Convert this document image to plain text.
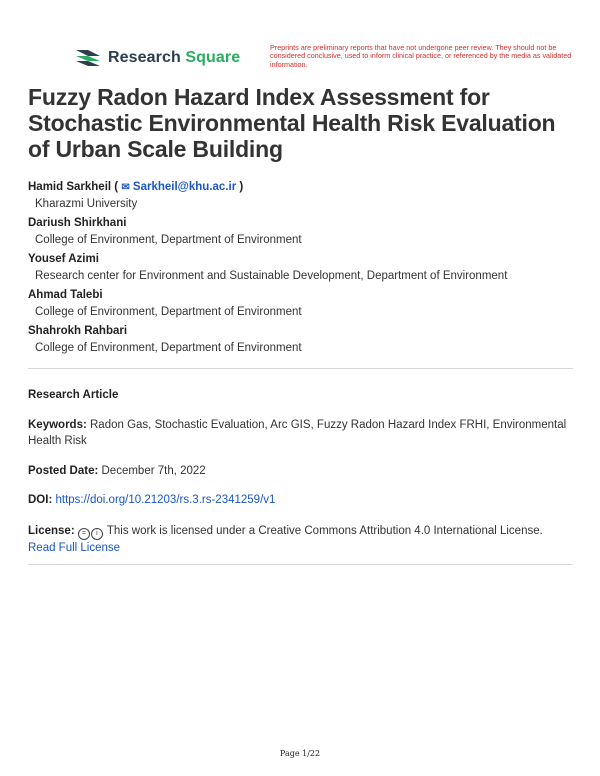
Research Square
Preprints are preliminary reports that have not undergone peer review. They should not be considered conclusive, used to inform clinical practice, or referenced by the media as validated information.
Fuzzy Radon Hazard Index Assessment for Stochastic Environmental Health Risk Evaluation of Urban Scale Building
Hamid Sarkheil ( ✉ Sarkheil@khu.ac.ir )
Kharazmi University
Dariush Shirkhani
College of Environment, Department of Environment
Yousef Azimi
Research center for Environment and Sustainable Development, Department of Environment
Ahmad Talebi
College of Environment, Department of Environment
Shahrokh Rahbari
College of Environment, Department of Environment
Research Article
Keywords: Radon Gas, Stochastic Evaluation, Arc GIS, Fuzzy Radon Hazard Index FRHI, Environmental Health Risk
Posted Date: December 7th, 2022
DOI: https://doi.org/10.21203/rs.3.rs-2341259/v1
License: = i This work is licensed under a Creative Commons Attribution 4.0 International License.
Read Full License
Page 1/22
